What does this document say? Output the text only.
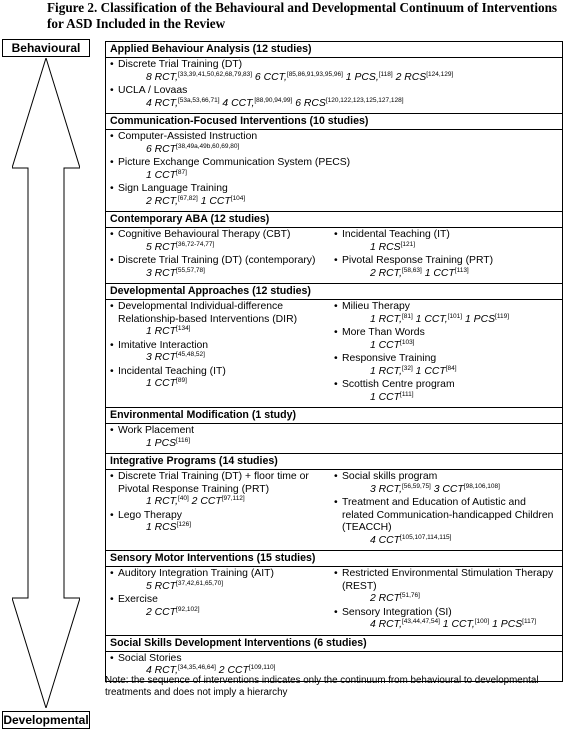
Figure 2. Classification of the Behavioural and Developmental Continuum of Interventions for ASD Included in the Review
Behavioural
Developmental
Applied Behaviour Analysis (12 studies)
• Discrete Trial Training (DT)
8 RCT,[33,39,41,50,62,68,79,83] 6 CCT,[85,86,91,93,95,96] 1 PCS,[118] 2 RCS[124,129]
• UCLA / Lovaas
4 RCT,[53a,53,66,71] 4 CCT,[88,90,94,99] 6 RCS[120,122,123,125,127,128]
Communication-Focused Interventions (10 studies)
• Computer-Assisted Instruction
6 RCT[38,49a,49b,60,69,80]
• Picture Exchange Communication System (PECS)
1 CCT[87]
• Sign Language Training
2 RCT,[67,82] 1 CCT[104]
Contemporary ABA (12 studies)
• Cognitive Behavioural Therapy (CBT)
5 RCT[36,72-74,77]
• Discrete Trial Training (DT) (contemporary)
3 RCT[55,57,78]
• Incidental Teaching (IT)
1 RCS[121]
• Pivotal Response Training (PRT)
2 RCT,[58,63] 1 CCT[113]
Developmental Approaches (12 studies)
• Developmental Individual-difference Relationship-based Interventions (DIR)
1 RCT[134]
• Imitative Interaction
3 RCT[45,48,52]
• Incidental Teaching (IT)
1 CCT[89]
• Milieu Therapy
1 RCT,[81] 1 CCT,[101] 1 PCS[119]
• More Than Words
1 CCT[103]
• Responsive Training
1 RCT,[32] 1 CCT[84]
• Scottish Centre program
1 CCT[111]
Environmental Modification (1 study)
• Work Placement
1 PCS[116]
Integrative Programs (14 studies)
• Discrete Trial Training (DT) + floor time or Pivotal Response Training (PRT)
1 RCT,[40] 2 CCT[97,112]
• Lego Therapy
1 RCS[126]
• Social skills program
3 RCT,[56,59,75] 3 CCT[98,106,108]
• Treatment and Education of Autistic and related Communication-handicapped Children (TEACCH)
4 CCT[105,107,114,115]
Sensory Motor Interventions (15 studies)
• Auditory Integration Training (AIT)
5 RCT[37,42,61,65,70]
• Exercise
2 CCT[92,102]
• Restricted Environmental Stimulation Therapy (REST)
2 RCT[51,76]
• Sensory Integration (SI)
4 RCT,[43,44,47,54] 1 CCT,[100] 1 PCS[117]
Social Skills Development Interventions (6 studies)
• Social Stories
4 RCT,[34,35,46,64] 2 CCT[109,110]
Note: the sequence of interventions indicates only the continuum from behavioural to developmental treatments and does not imply a hierarchy
